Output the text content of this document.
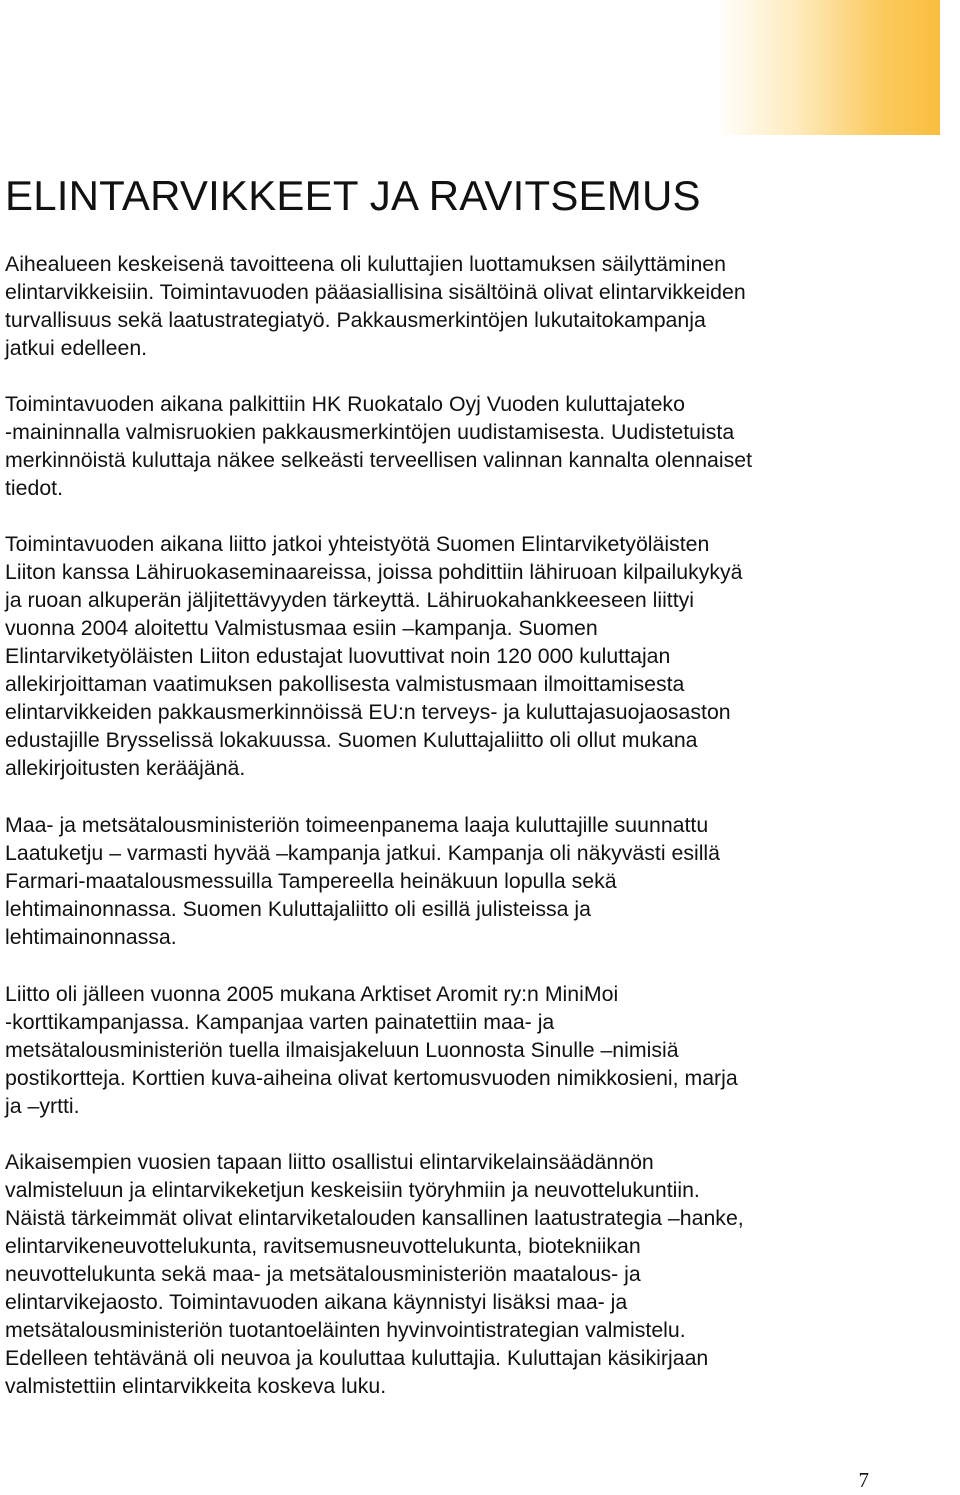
ELINTARVIKKEET JA RAVITSEMUS

Aihealueen keskeisenä tavoitteena oli kuluttajien luottamuksen säilyttäminen
elintarvikkeisiin. Toimintavuoden pääasiallisina sisältöinä olivat elintarvikkeiden
turvallisuus sekä laatustrategiatyö. Pakkausmerkintöjen lukutaitokampanja
jatkui edelleen.

Toimintavuoden aikana palkittiin HK Ruokatalo Oyj Vuoden kuluttajateko
-maininnalla valmisruokien pakkausmerkintöjen uudistamisesta. Uudistetuista
merkinnöistä kuluttaja näkee selkeästi terveellisen valinnan kannalta olennaiset
tiedot.

Toimintavuoden aikana liitto jatkoi yhteistyötä Suomen Elintarviketyöläisten
Liiton kanssa Lähiruokaseminaareissa, joissa pohdittiin lähiruoan kilpailukykyä
ja ruoan alkuperän jäljitettävyyden tärkeyttä. Lähiruokahankkeeseen liittyi
vuonna 2004 aloitettu Valmistusmaa esiin –kampanja. Suomen
Elintarviketyöläisten Liiton edustajat luovuttivat noin 120 000 kuluttajan
allekirjoittaman vaatimuksen pakollisesta valmistusmaan ilmoittamisesta
elintarvikkeiden pakkausmerkinnöissä EU:n terveys- ja kuluttajasuojaosaston
edustajille Brysselissä lokakuussa. Suomen Kuluttajaliitto oli ollut mukana
allekirjoitusten kerääjänä.

Maa- ja metsätalousministeriön toimeenpanema laaja kuluttajille suunnattu
Laatuketju – varmasti hyvää –kampanja jatkui. Kampanja oli näkyvästi esillä
Farmari-maatalousmessuilla Tampereella heinäkuun lopulla sekä
lehtimainonnassa. Suomen Kuluttajaliitto oli esillä julisteissa ja
lehtimainonnassa.

Liitto oli jälleen vuonna 2005 mukana Arktiset Aromit ry:n MiniMoi
-korttikampanjassa. Kampanjaa varten painatettiin maa- ja
metsätalousministeriön tuella ilmaisjakeluun Luonnosta Sinulle –nimisiä
postikortteja. Korttien kuva-aiheina olivat kertomusvuoden nimikkosieni, marja
ja –yrtti.

Aikaisempien vuosien tapaan liitto osallistui elintarvikelainsäädännön
valmisteluun ja elintarvikeketjun keskeisiin työryhmiin ja neuvottelukuntiin.
Näistä tärkeimmät olivat elintarviketalouden kansallinen laatustrategia –hanke,
elintarvikeneuvottelukunta, ravitsemusneuvottelukunta, biotekniikan
neuvottelukunta sekä maa- ja metsätalousministeriön maatalous- ja
elintarvikejaosto. Toimintavuoden aikana käynnistyi lisäksi maa- ja
metsätalousministeriön tuotantoeläinten hyvinvointistrategian valmistelu.
Edelleen tehtävänä oli neuvoa ja kouluttaa kuluttajia. Kuluttajan käsikirjaan
valmistettiin elintarvikkeita koskeva luku.

7
